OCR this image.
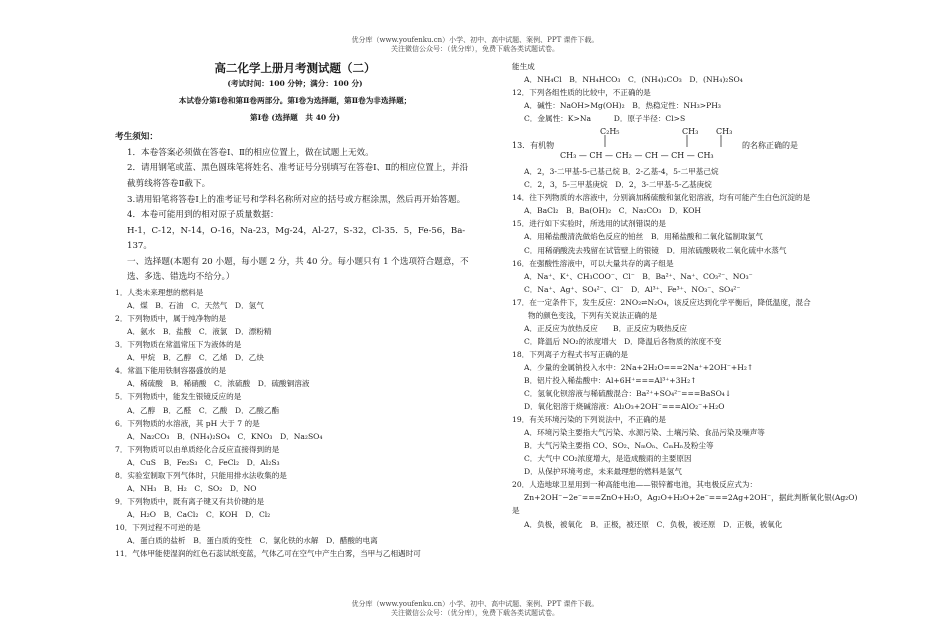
优分库（www.youfenku.cn）小学、初中、高中试题、案例、PPT 课件下载。
关注微信公众号：（优分库），免费下载各类试题试卷。

高二化学上册月考测试题（二）

(考试时间：100 分钟；满分：100 分)

本试卷分第Ⅰ卷和第Ⅱ卷两部分。第Ⅰ卷为选择题，第Ⅱ卷为非选择题；

第Ⅰ卷 (选择题　共 40 分)

考生须知：

1．本卷答案必须做在答卷Ⅰ、Ⅱ的相应位置上，做在试题上无效。

2．请用钢笔或蓝、黑色圆珠笔将姓名、准考证号分别填写在答卷Ⅰ、Ⅱ的相应位置上，并沿截剪线将答卷Ⅱ截下。

3.请用铅笔将答卷Ⅰ上的准考证号和学科名称所对应的括号或方框涂黑，然后再开始答题。

4．本卷可能用到的相对原子质量数据：

H-1，C-12，N-14，O-16，Na-23，Mg-24，Al-27，S-32，Cl-35．5，Fe-56，Ba-137。

一、选择题(本题有 20 小题，每小题 2 分，共 40 分。每小题只有 1 个选项符合题意，不选、多选、错选均不给分。）

1．人类未来理想的燃料是

A．煤　B．石油　C．天然气　D．氢气

2．下列物质中，属于纯净物的是

A．氨水　B．盐酸　C．液氯　D．漂粉精

3．下列物质在常温常压下为液体的是

A．甲烷　B．乙醇　C．乙烯　D．乙炔

4．常温下能用铁制容器盛放的是

A．稀硫酸　B．稀硝酸　C．浓硫酸　D．硫酸铜溶液

5．下列物质中，能发生银镜反应的是

A．乙醇　B．乙醛　C．乙酸　D．乙酸乙酯

6．下列物质的水溶液，其 pH 大于 7 的是

A．Na₂CO₃　B．(NH₄)₂SO₄　C．KNO₃　D．Na₂SO₄

7．下列物质可以由单质经化合反应直接得到的是

A．CuS　B．Fe₂S₃　C．FeCl₂　D．Al₂S₃

8．实验室制取下列气体时，只能用排水法收集的是

A．NH₃　B．H₂　C．SO₂　D．NO

9．下列物质中，既有离子键又有共价键的是

A．H₂O　B．CaCl₂　C．KOH　D．Cl₂

10．下列过程不可逆的是

A．蛋白质的盐析　B．蛋白质的变性　C．氯化铁的水解　D．醋酸的电离

11．气体甲能使湿润的红色石蕊试纸变蓝，气体乙可在空气中产生白雾，当甲与乙相遇时可

能生成

A．NH₄Cl　B．NH₄HCO₃　C．(NH₄)₂CO₃　D．(NH₄)₂SO₄

12．下列各组性质的比较中，不正确的是

A．碱性：NaOH>Mg(OH)₂　B．热稳定性：NH₃>PH₃

C．金属性：K>Na　　　D．原子半径：Cl>S

13．有机物
C₂H₅	CH₃ CH₃
CH₃ — CH — CH₂ — CH — CH — CH₃
的名称正确的是

A．2，3-二甲基-5-己基己烷 B．2-乙基-4，5-二甲基己烷

C．2，3，5-三甲基庚烷　D．2，3-二甲基-5-乙基庚烷

14．往下列物质的水溶液中，分别滴加稀硫酸和氯化铝溶液，均有可能产生白色沉淀的是

A．BaCl₂　B．Ba(OH)₂　C．Na₂CO₃　D．KOH

15．进行如下实验时，所选用的试剂错误的是

A．用稀盐酸清洗做焰色反应的铂丝　B．用稀盐酸和二氧化锰制取氯气

C．用稀硝酸洗去残留在试管壁上的银镜　D．用浓硫酸吸收二氧化硫中水蒸气

16．在强酸性溶液中，可以大量共存的离子组是

A．Na⁺、K⁺、CH₃COO⁻、Cl⁻　B．Ba²⁺、Na⁺、CO₃²⁻、NO₃⁻

C．Na⁺、Ag⁺、SO₄²⁻、Cl⁻　D．Al³⁺、Fe³⁺、NO₃⁻、SO₄²⁻

17．在一定条件下，发生反应：2NO₂⇌N₂O₄，该反应达到化学平衡后，降低温度，混合

物的颜色变浅，下列有关说法正确的是

A．正反应为放热反应　　B．正反应为吸热反应

C．降温后 NO₂的浓度增大　D．降温后各物质的浓度不变

18．下列离子方程式书写正确的是

A．少量的金属钠投入水中：2Na+2H₂O===2Na⁺+2OH⁻+H₂↑

B．铝片投入稀盐酸中：Al+6H⁺===Al³⁺+3H₂↑

C．氢氧化钡溶液与稀硫酸混合：Ba²⁺+SO₄²⁻===BaSO₄↓

D．氧化铝溶于烧碱溶液：Al₂O₃+2OH⁻===AlO₂⁻+H₂O

19．有关环境污染的下列说法中，不正确的是

A．环境污染主要指大气污染、水源污染、土壤污染、食品污染及噪声等

B．大气污染主要指 CO、SO₂、NₘOₙ、CₘHₙ及粉尘等

C．大气中 CO₂浓度增大，是造成酸雨的主要原因

D．从保护环境考虑，未来最理想的燃料是氢气

20．人造地球卫星用到一种高能电池——银锌蓄电池，其电极反应式为：

Zn+2OH⁻−2e⁻===ZnO+H₂O，Ag₂O+H₂O+2e⁻===2Ag+2OH⁻，据此判断氧化银(Ag₂O)

是

A．负极，被氧化　B．正极，被还原　C．负极，被还原　D．正极，被氧化

优分库（www.youfenku.cn）小学、初中、高中试题、案例、PPT 课件下载。
关注微信公众号：（优分库），免费下载各类试题试卷。
